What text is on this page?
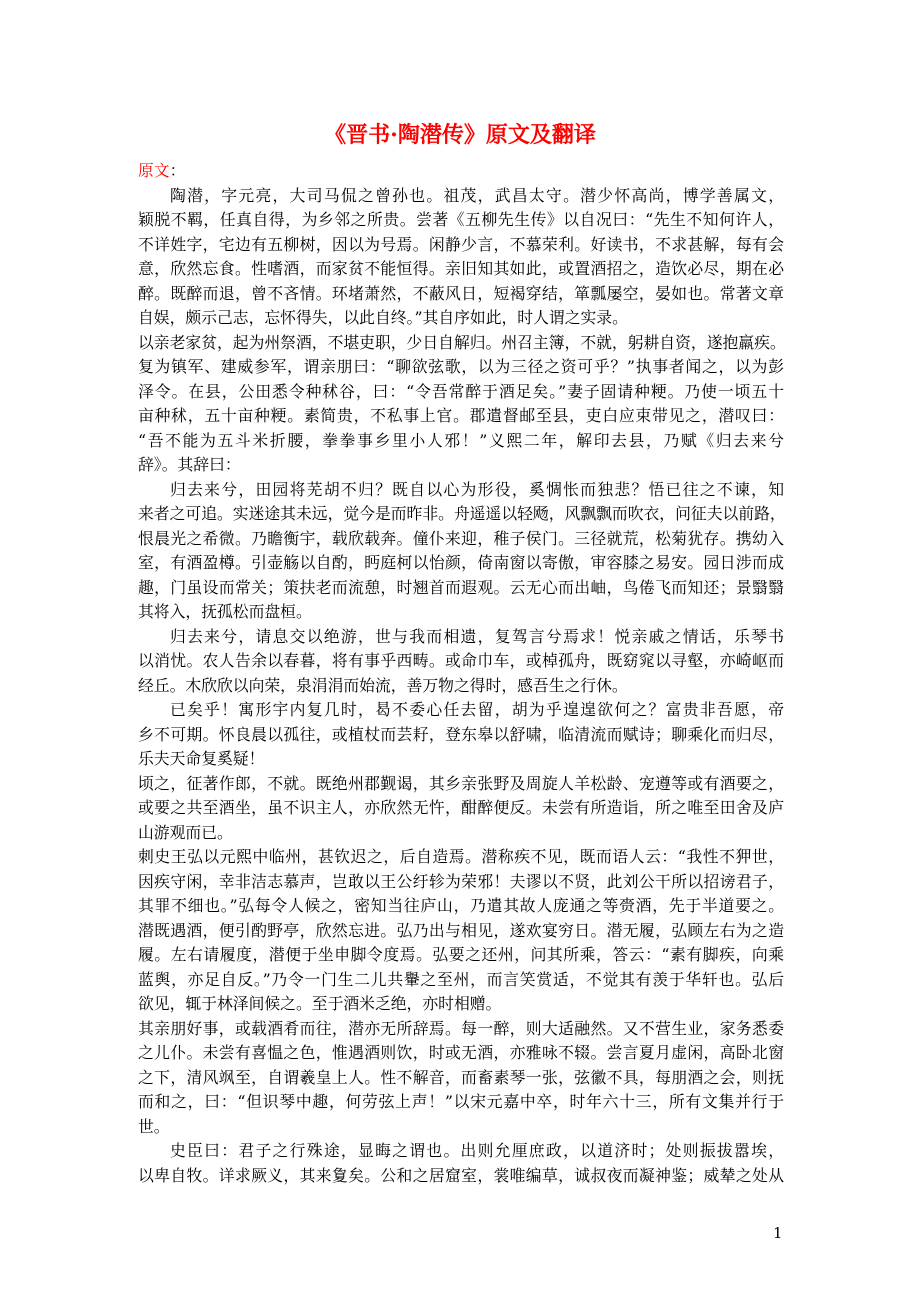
《晋书·陶潜传》原文及翻译
原文：
陶潜，字元亮，大司马侃之曾孙也。祖茂，武昌太守。潜少怀高尚，博学善属文，
颖脱不羁，任真自得，为乡邻之所贵。尝著《五柳先生传》以自况曰：“先生不知何许人，
不详姓字，宅边有五柳树，因以为号焉。闲静少言，不慕荣利。好读书，不求甚解，每有会
意，欣然忘食。性嗜酒，而家贫不能恒得。亲旧知其如此，或置酒招之，造饮必尽，期在必
醉。既醉而退，曾不吝情。环堵萧然，不蔽风日，短褐穿结，箪瓢屡空，晏如也。常著文章
自娱，颇示己志，忘怀得失，以此自终。”其自序如此，时人谓之实录。
以亲老家贫，起为州祭酒，不堪吏职，少日自解归。州召主簿，不就，躬耕自资，遂抱羸疾。
复为镇军、建威参军，谓亲朋曰：“聊欲弦歌，以为三径之资可乎？”执事者闻之，以为彭
泽令。在县，公田悉令种秫谷，曰：“令吾常醉于酒足矣。”妻子固请种粳。乃使一顷五十
亩种秫，五十亩种粳。素简贵，不私事上官。郡遣督邮至县，吏白应束带见之，潜叹曰：
“吾不能为五斗米折腰，拳拳事乡里小人邪！”义熙二年，解印去县，乃赋《归去来兮
辞》。其辞曰：
归去来兮，田园将芜胡不归？既自以心为形役，奚惆怅而独悲？悟已往之不谏，知
来者之可追。实迷途其未远，觉今是而昨非。舟遥遥以轻飏，风飘飘而吹衣，问征夫以前路，
恨晨光之希微。乃瞻衡宇，载欣载奔。僮仆来迎，稚子侯门。三径就荒，松菊犹存。携幼入
室，有酒盈樽。引壶觞以自酌，眄庭柯以怡颜，倚南窗以寄傲，审容膝之易安。园日涉而成
趣，门虽设而常关；策扶老而流憩，时翘首而遐观。云无心而出岫，鸟倦飞而知还；景翳翳
其将入，抚孤松而盘桓。
归去来兮，请息交以绝游，世与我而相遗，复驾言兮焉求！悦亲戚之情话，乐琴书
以消忧。农人告余以春暮，将有事乎西畴。或命巾车，或棹孤舟，既窈窕以寻壑，亦崎岖而
经丘。木欣欣以向荣，泉涓涓而始流，善万物之得时，感吾生之行休。
已矣乎！寓形宇内复几时，曷不委心任去留，胡为乎遑遑欲何之？富贵非吾愿，帝
乡不可期。怀良晨以孤往，或植杖而芸耔，登东皋以舒啸，临清流而赋诗；聊乘化而归尽，
乐夫天命复奚疑！
顷之，征著作郎，不就。既绝州郡觐谒，其乡亲张野及周旋人羊松龄、宠遵等或有酒要之，
或要之共至酒坐，虽不识主人，亦欣然无忤，酣醉便反。未尝有所造诣，所之唯至田舍及庐
山游观而已。
刺史王弘以元熙中临州，甚钦迟之，后自造焉。潜称疾不见，既而语人云：“我性不狎世，
因疾守闲，幸非洁志慕声，岂敢以王公纡轸为荣邪！夫谬以不贤，此刘公干所以招谤君子，
其罪不细也。”弘每令人候之，密知当往庐山，乃遣其故人庞通之等赍酒，先于半道要之。
潜既遇酒，便引酌野亭，欣然忘进。弘乃出与相见，遂欢宴穷日。潜无履，弘顾左右为之造
履。左右请履度，潜便于坐申脚令度焉。弘要之还州，问其所乘，答云：“素有脚疾，向乘
蓝舆，亦足自反。”乃令一门生二儿共轝之至州，而言笑赏适，不觉其有羡于华轩也。弘后
欲见，辄于林泽间候之。至于酒米乏绝，亦时相赠。
其亲朋好事，或载酒肴而往，潜亦无所辞焉。每一醉，则大适融然。又不营生业，家务悉委
之儿仆。未尝有喜愠之色，惟遇酒则饮，时或无酒，亦雅咏不辍。尝言夏月虚闲，高卧北窗
之下，清风飒至，自谓羲皇上人。性不解音，而畜素琴一张，弦徽不具，每朋酒之会，则抚
而和之，曰：“但识琴中趣，何劳弦上声！”以宋元嘉中卒，时年六十三，所有文集并行于
世。
史臣曰：君子之行殊途，显晦之谓也。出则允厘庶政，以道济时；处则振拔嚣埃，
以卑自牧。详求厥义，其来夐矣。公和之居窟室，裳唯编草，诚叔夜而凝神鉴；威辇之处从
1
